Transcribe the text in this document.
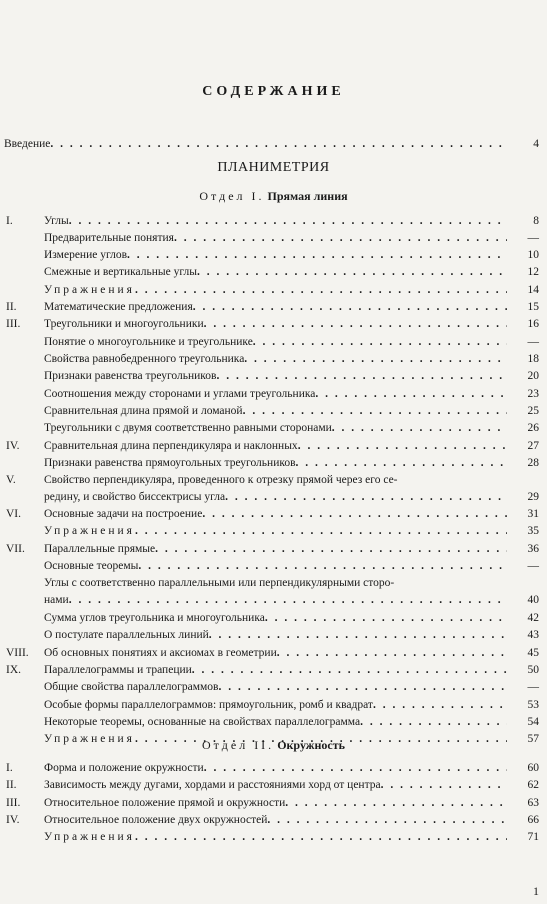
СОДЕРЖАНИЕ
Введение . . .	4
ПЛАНИМЕТРИЯ
Отдел I. Прямая линия
Отдел II. Окружность
I.	Углы . . .	8
Предварительные понятия . . .	—
Измерение углов . . .	10
Смежные и вертикальные углы . . .	12
Упражнения . . .	14
II. Математические предложения . . .	15
III. Треугольники и многоугольники . . .	16
Понятие о многоугольнике и треугольнике . . .	—
Свойства равнобедренного треугольника . . .	18
Признаки равенства треугольников . . .	20
Соотношения между сторонами и углами треугольника . . .	23
Сравнительная длина прямой и ломаной . . .	25
Треугольники с двумя соответственно равными сторонами . . .	26
IV. Сравнительная длина перпендикуляра и наклонных . . .	27
Признаки равенства прямоугольных треугольников . . .	28
V. Свойство перпендикуляра, проведенного к отрезку прямой через его се-
редину, и свойство биссектрисы угла . . .	29
VI. Основные задачи на построение . . .	31
Упражнения . . .	35
VII. Параллельные прямые . . .	36
Основные теоремы . . .	—
Углы с соответственно параллельными или перпендикулярными сторо-
нами . . .	40
Сумма углов треугольника и многоугольника . . .	42
О постулате параллельных линий . . .	43
VIII. Об основных понятиях и аксиомах в геометрии . . .	45
IX. Параллелограммы и трапеции . . .	50
Общие свойства параллелограммов . . .	—
Особые формы параллелограммов: прямоугольник, ромб и квадрат . . .	53
Некоторые теоремы, основанные на свойствах параллелограмма . . .	54
Упражнения . . .	57
I.	Форма и положение окружности . . .	60
II. Зависимость между дугами, хордами и расстояниями хорд от центра . . .	62
III. Относительное положение прямой и окружности . . .	63
IV. Относительное положение двух окружностей . . .	66
Упражнения . . .	71
1
